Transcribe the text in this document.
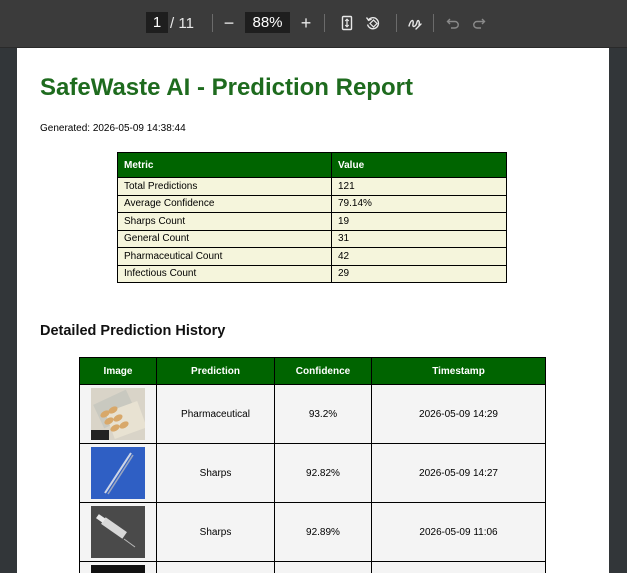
1 / 11	−	88%	+
SafeWaste AI - Prediction Report
Generated: 2026-05-09 14:38:44
Metric	Value
Total Predictions	121
Average Confidence	79.14%
Sharps Count	19
General Count	31
Pharmaceutical Count	42
Infectious Count	29
Detailed Prediction History
Image	Prediction	Confidence	Timestamp

	Pharmaceutical	93.2%	2026-05-09 14:29

	Sharps	92.82%	2026-05-09 14:27

	Sharps	92.89%	2026-05-09 11:06
